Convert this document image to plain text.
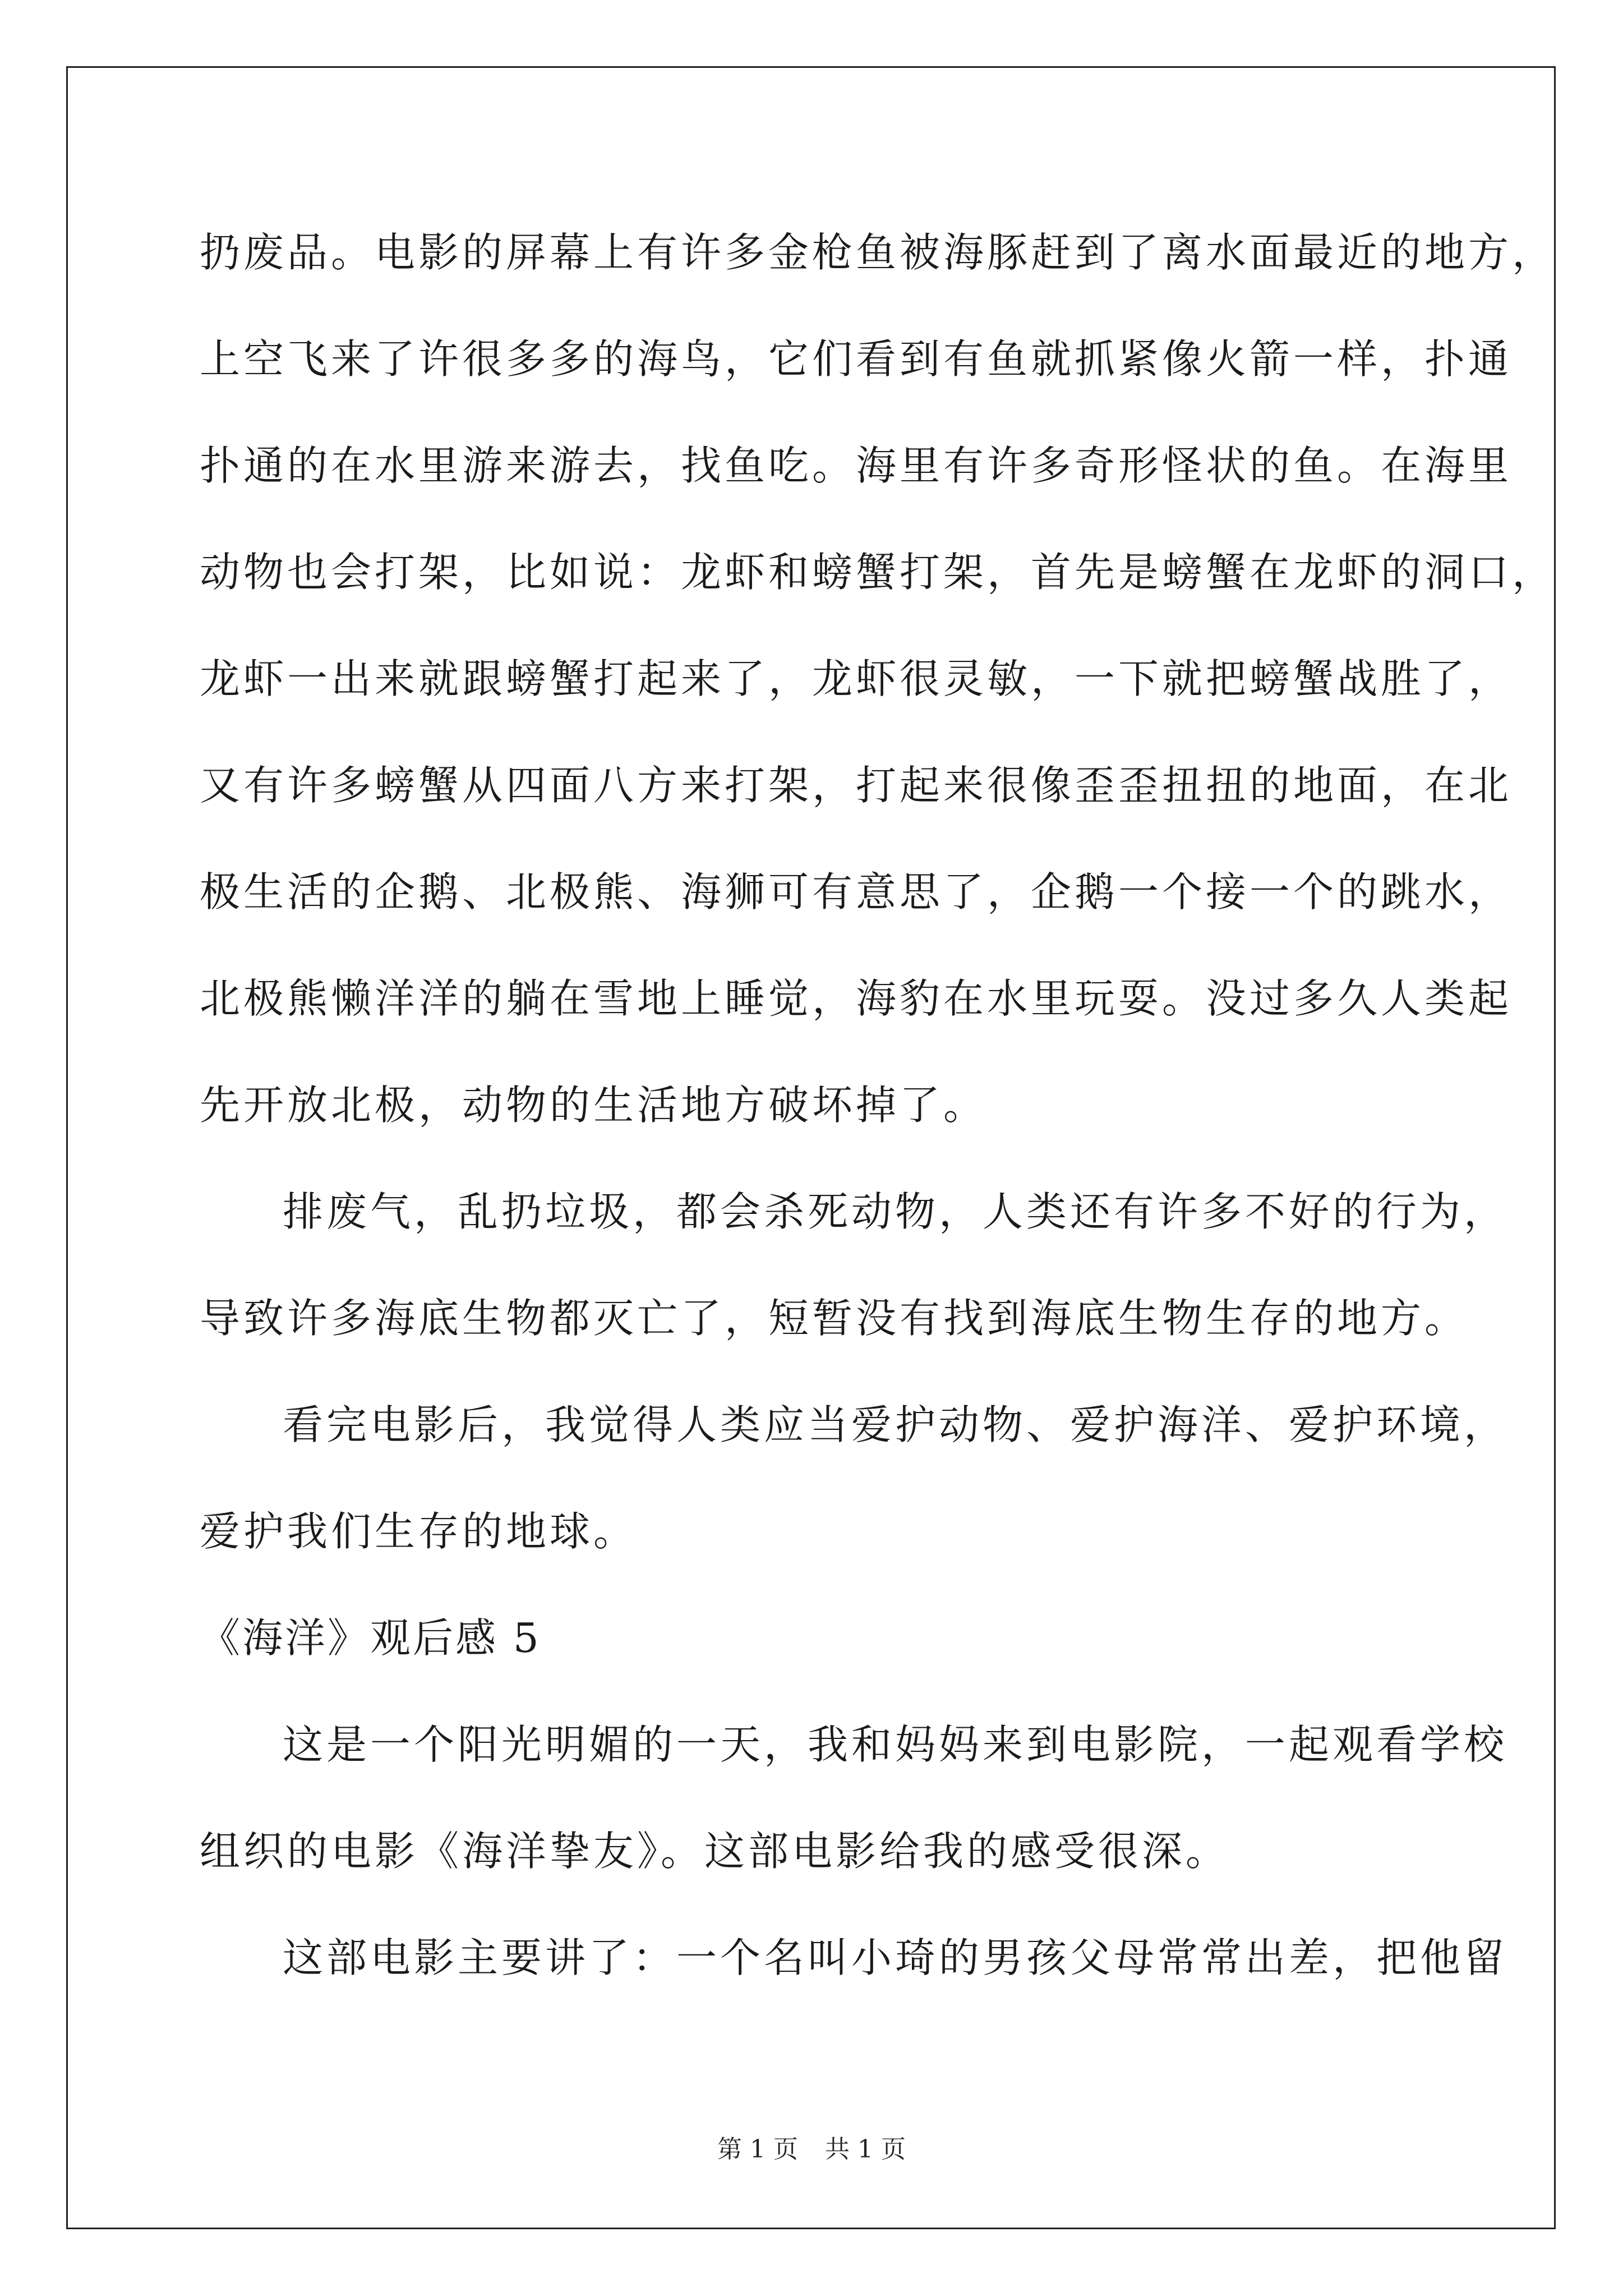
扔废品。电影的屏幕上有许多金枪鱼被海豚赶到了离水面最近的地方，
上空飞来了许很多多的海鸟，它们看到有鱼就抓紧像火箭一样，扑通
扑通的在水里游来游去，找鱼吃。海里有许多奇形怪状的鱼。在海里
动物也会打架，比如说：龙虾和螃蟹打架，首先是螃蟹在龙虾的洞口，
龙虾一出来就跟螃蟹打起来了，龙虾很灵敏，一下就把螃蟹战胜了，
又有许多螃蟹从四面八方来打架，打起来很像歪歪扭扭的地面，在北
极生活的企鹅、北极熊、海狮可有意思了，企鹅一个接一个的跳水，
北极熊懒洋洋的躺在雪地上睡觉，海豹在水里玩耍。没过多久人类起
先开放北极，动物的生活地方破坏掉了。
排废气，乱扔垃圾，都会杀死动物，人类还有许多不好的行为，
导致许多海底生物都灭亡了，短暂没有找到海底生物生存的地方。
看完电影后，我觉得人类应当爱护动物、爱护海洋、爱护环境，
爱护我们生存的地球。
《海洋》观后感 5
这是一个阳光明媚的一天，我和妈妈来到电影院，一起观看学校
组织的电影《海洋挚友》。这部电影给我的感受很深。
这部电影主要讲了：一个名叫小琦的男孩父母常常出差，把他留
第 1 页 共 1 页
